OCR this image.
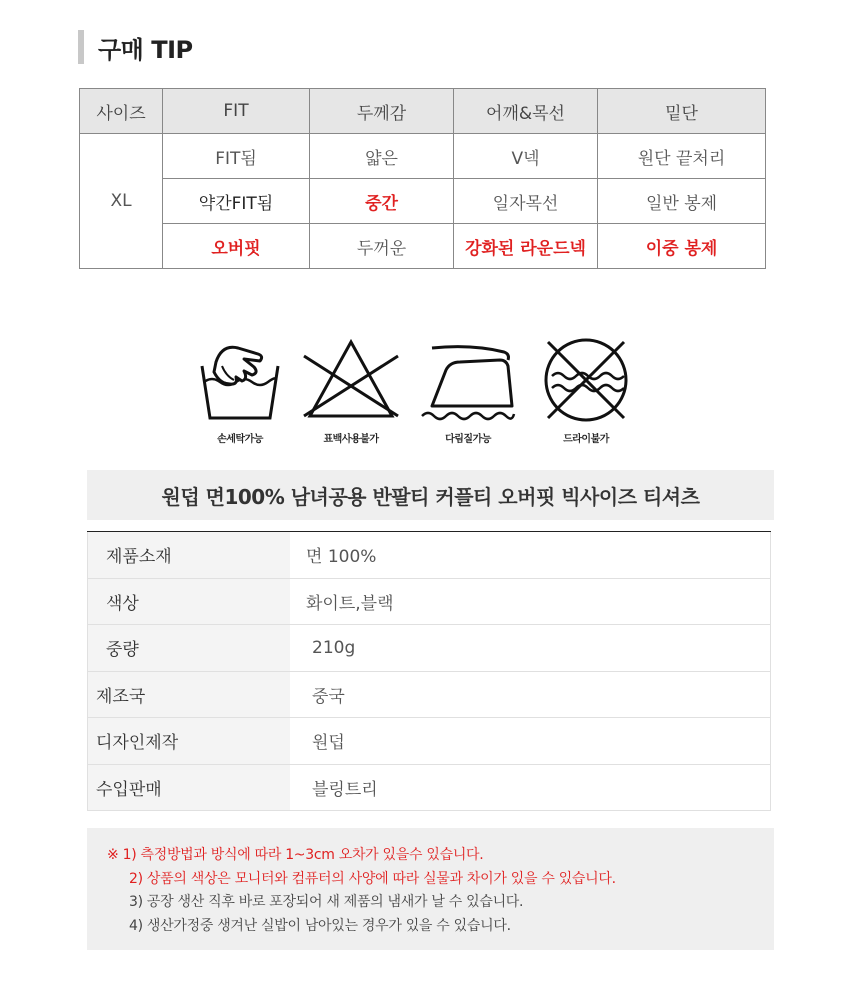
구매 TIP
사이즈	FIT	두께감	어깨&목선	밑단
XL	FIT됨	얇은	V넥	원단 끝처리
	약간FIT됨	중간	일자목선	일반 봉제
	오버핏	두꺼운	강화된 라운드넥	이중 봉제
손세탁가능	표백사용불가	다림질가능	드라이불가
원덥 면100% 남녀공용 반팔티 커플티 오버핏 빅사이즈 티셔츠
제품소재	면 100%
색상	화이트,블랙
중량	210g
제조국	중국
디자인제작	원덥
수입판매	블링트리
※ 1) 측정방법과 방식에 따라 1~3cm 오차가 있을수 있습니다.
2) 상품의 색상은 모니터와 컴퓨터의 사양에 따라 실물과 차이가 있을 수 있습니다.
3) 공장 생산 직후 바로 포장되어 새 제품의 냄새가 날 수 있습니다.
4) 생산가정중 생겨난 실밥이 남아있는 경우가 있을 수 있습니다.
